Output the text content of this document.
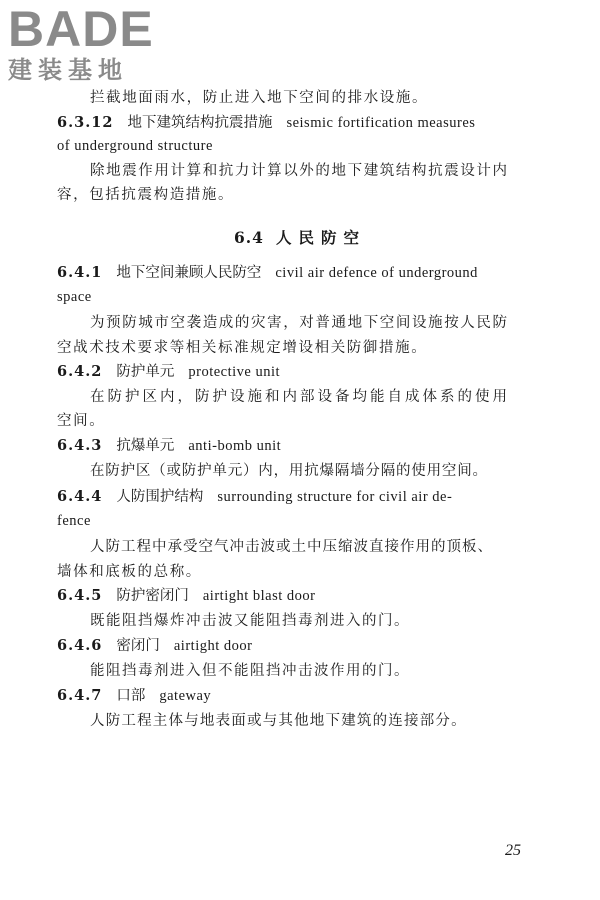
BADE
建装基地
拦截地面雨水，防止进入地下空间的排水设施。
6.3.12 地下建筑结构抗震措施 seismic fortification measures
of underground structure
除地震作用计算和抗力计算以外的地下建筑结构抗震设计内
容，包括抗震构造措施。
6.4 人民防空
6.4.1 地下空间兼顾人民防空 civil air defence of underground
space
为预防城市空袭造成的灾害，对普通地下空间设施按人民防
空战术技术要求等相关标准规定增设相关防御措施。
6.4.2 防护单元 protective unit
在防护区内，防护设施和内部设备均能自成体系的使用
空间。
6.4.3 抗爆单元 anti-bomb unit
在防护区（或防护单元）内，用抗爆隔墙分隔的使用空间。
6.4.4 人防围护结构 surrounding structure for civil air de-
fence
人防工程中承受空气冲击波或土中压缩波直接作用的顶板、
墙体和底板的总称。
6.4.5 防护密闭门 airtight blast door
既能阻挡爆炸冲击波又能阻挡毒剂进入的门。
6.4.6 密闭门 airtight door
能阻挡毒剂进入但不能阻挡冲击波作用的门。
6.4.7 口部 gateway
人防工程主体与地表面或与其他地下建筑的连接部分。
25
